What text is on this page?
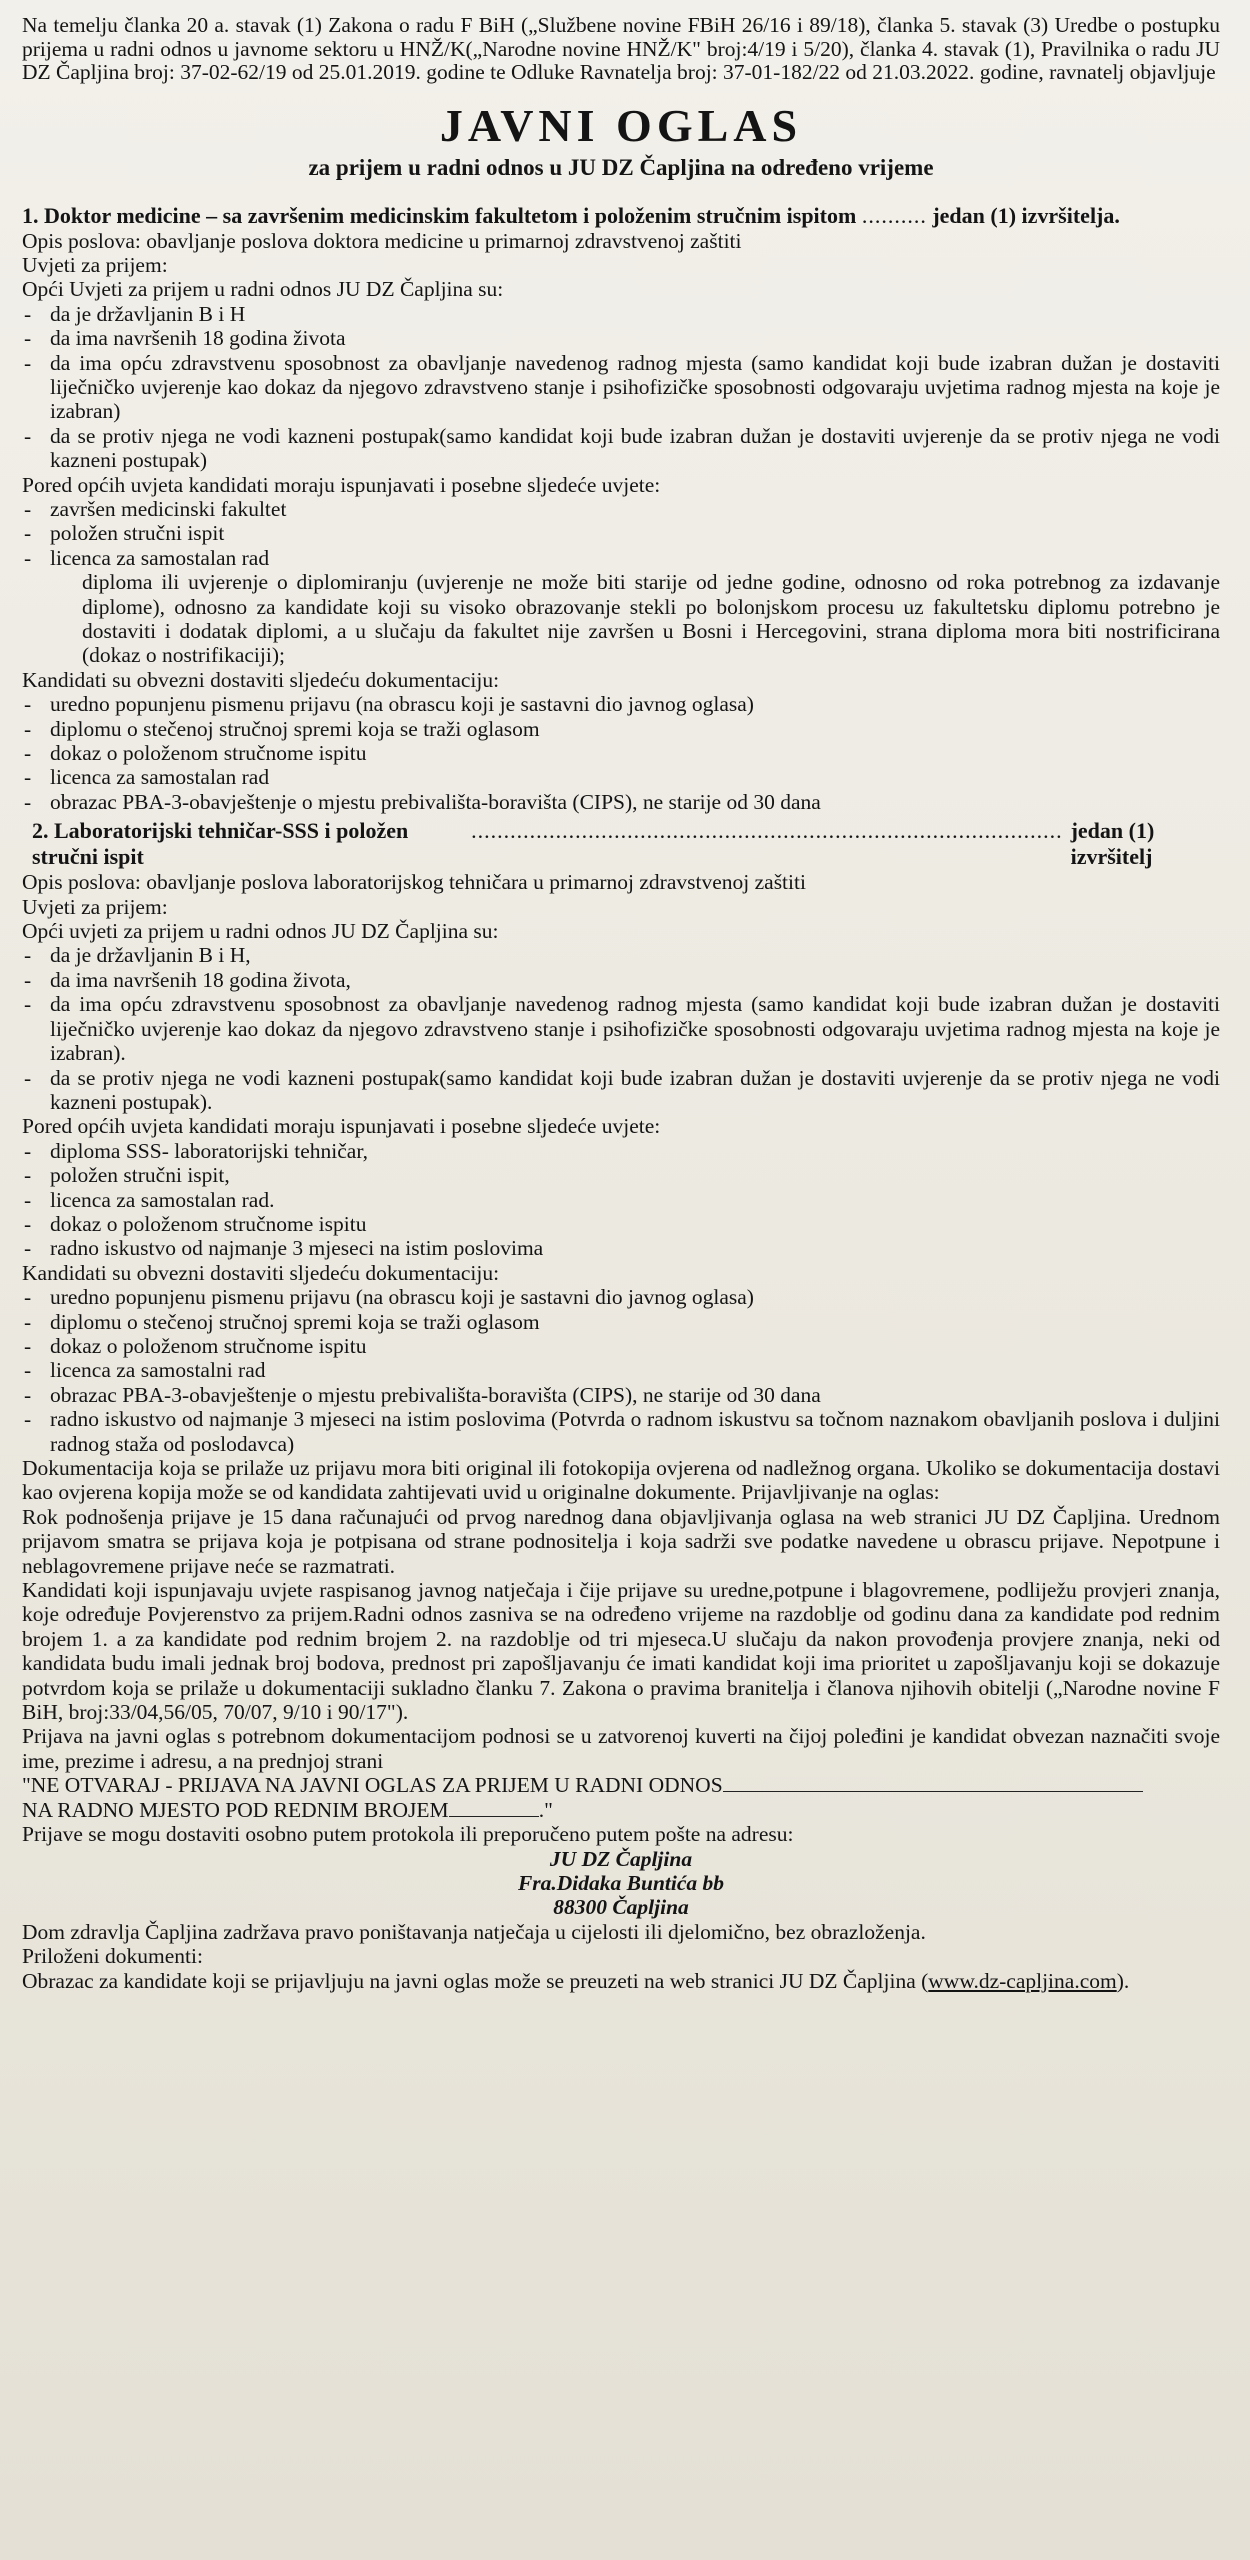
Na temelju članka 20 a. stavak (1) Zakona o radu F BiH („Službene novine FBiH 26/16 i 89/18), članka 5. stavak (3) Uredbe o postupku prijema u radni odnos u javnome sektoru u HNŽ/K(„Narodne novine HNŽ/K" broj:4/19 i 5/20), članka 4. stavak (1), Pravilnika o radu JU DZ Čapljina broj: 37-02-62/19 od 25.01.2019. godine te Odluke Ravnatelja broj: 37-01-182/22 od 21.03.2022. godine, ravnatelj objavljuje

JAVNI OGLAS

za prijem u radni odnos u JU DZ Čapljina na određeno vrijeme

1. Doktor medicine – sa završenim medicinskim fakultetom i položenim stručnim ispitom .......... jedan (1) izvršitelja.

Opis poslova: obavljanje poslova doktora medicine u primarnoj zdravstvenoj zaštiti

Uvjeti za prijem:

Opći Uvjeti za prijem u radni odnos JU DZ Čapljina su:

- da je državljanin B i H

- da ima navršenih 18 godina života

- da ima opću zdravstvenu sposobnost za obavljanje navedenog radnog mjesta (samo kandidat koji bude izabran dužan je dostaviti liječničko uvjerenje kao dokaz da njegovo zdravstveno stanje i psihofizičke sposobnosti odgovaraju uvjetima radnog mjesta na koje je izabran)

- da se protiv njega ne vodi kazneni postupak(samo kandidat koji bude izabran dužan je dostaviti uvjerenje da se protiv njega ne vodi kazneni postupak)

Pored općih uvjeta kandidati moraju ispunjavati i posebne sljedeće uvjete:

- završen medicinski fakultet

- položen stručni ispit

- licenca za samostalan rad

diploma ili uvjerenje o diplomiranju (uvjerenje ne može biti starije od jedne godine, odnosno od roka potrebnog za izdavanje diplome), odnosno za kandidate koji su visoko obrazovanje stekli po bolonjskom procesu uz fakultetsku diplomu potrebno je dostaviti i dodatak diplomi, a u slučaju da fakultet nije završen u Bosni i Hercegovini, strana diploma mora biti nostrificirana (dokaz o nostrifikaciji);

Kandidati su obvezni dostaviti sljedeću dokumentaciju:

- uredno popunjenu pismenu prijavu (na obrascu koji je sastavni dio javnog oglasa)

- diplomu o stečenoj stručnoj spremi koja se traži oglasom

- dokaz o položenom stručnome ispitu

- licenca za samostalan rad

- obrazac PBA-3-obavještenje o mjestu prebivališta-boravišta (CIPS), ne starije od 30 dana

2. Laboratorijski tehničar-SSS i položen stručni ispit
........................................................................................... jedan (1) izvršitelj

Opis poslova: obavljanje poslova laboratorijskog tehničara u primarnoj zdravstvenoj zaštiti

Uvjeti za prijem:

Opći uvjeti za prijem u radni odnos JU DZ Čapljina su:

- da je državljanin B i H,

- da ima navršenih 18 godina života,

- da ima opću zdravstvenu sposobnost za obavljanje navedenog radnog mjesta (samo kandidat koji bude izabran dužan je dostaviti liječničko uvjerenje kao dokaz da njegovo zdravstveno stanje i psihofizičke sposobnosti odgovaraju uvjetima radnog mjesta na koje je izabran).

- da se protiv njega ne vodi kazneni postupak(samo kandidat koji bude izabran dužan je dostaviti uvjerenje da se protiv njega ne vodi kazneni postupak).

Pored općih uvjeta kandidati moraju ispunjavati i posebne sljedeće uvjete:

- diploma SSS- laboratorijski tehničar,

- položen stručni ispit,

- licenca za samostalan rad.

- dokaz o položenom stručnome ispitu

- radno iskustvo od najmanje 3 mjeseci na istim poslovima

Kandidati su obvezni dostaviti sljedeću dokumentaciju:

- uredno popunjenu pismenu prijavu (na obrascu koji je sastavni dio javnog oglasa)

- diplomu o stečenoj stručnoj spremi koja se traži oglasom

- dokaz o položenom stručnome ispitu

- licenca za samostalni rad

- obrazac PBA-3-obavještenje o mjestu prebivališta-boravišta (CIPS), ne starije od 30 dana

- radno iskustvo od najmanje 3 mjeseci na istim poslovima (Potvrda o radnom iskustvu sa točnom naznakom obavljanih poslova i duljini radnog staža od poslodavca)

Dokumentacija koja se prilaže uz prijavu mora biti original ili fotokopija ovjerena od nadležnog organa. Ukoliko se dokumentacija dostavi kao ovjerena kopija može se od kandidata zahtijevati uvid u originalne dokumente. Prijavljivanje na oglas:

Rok podnošenja prijave je 15 dana računajući od prvog narednog dana objavljivanja oglasa na web stranici JU DZ Čapljina. Urednom prijavom smatra se prijava koja je potpisana od strane podnositelja i koja sadrži sve podatke navedene u obrascu prijave. Nepotpune i neblagovremene prijave neće se razmatrati.

Kandidati koji ispunjavaju uvjete raspisanog javnog natječaja i čije prijave su uredne,potpune i blagovremene, podliježu provjeri znanja, koje određuje Povjerenstvo za prijem.Radni odnos zasniva se na određeno vrijeme na razdoblje od godinu dana za kandidate pod rednim brojem 1. a za kandidate pod rednim brojem 2. na razdoblje od tri mjeseca.U slučaju da nakon provođenja provjere znanja, neki od kandidata budu imali jednak broj bodova, prednost pri zapošljavanju će imati kandidat koji ima prioritet u zapošljavanju koji se dokazuje potvrdom koja se prilaže u dokumentaciji sukladno članku 7. Zakona o pravima branitelja i članova njihovih obitelji („Narodne novine F BiH, broj:33/04,56/05, 70/07, 9/10 i 90/17").

Prijava na javni oglas s potrebnom dokumentacijom podnosi se u zatvorenoj kuverti na čijoj poleđini je kandidat obvezan naznačiti svoje ime, prezime i adresu, a na prednjoj strani

"NE OTVARAJ - PRIJAVA NA JAVNI OGLAS ZA PRIJEM U RADNI ODNOS

NA RADNO MJESTO POD REDNIM BROJEM	."

Prijave se mogu dostaviti osobno putem protokola ili preporučeno putem pošte na adresu:

JU DZ Čapljina

Fra.Didaka Buntića bb

88300 Čapljina

Dom zdravlja Čapljina zadržava pravo poništavanja natječaja u cijelosti ili djelomično, bez obrazloženja.

Priloženi dokumenti:

Obrazac za kandidate koji se prijavljuju na javni oglas može se preuzeti na web stranici JU DZ Čapljina (www.dz-capljina.com).
